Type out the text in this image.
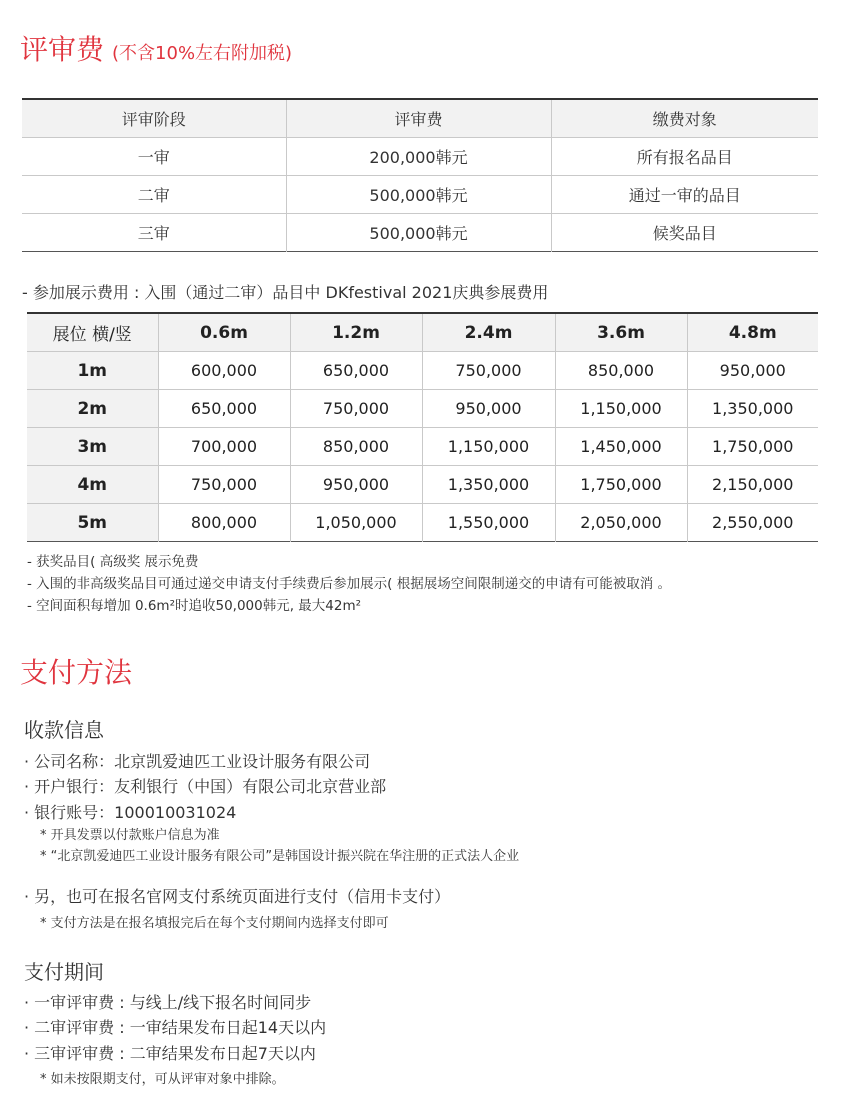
评审费 (不含10%左右附加税)
评审阶段	评审费	缴费对象
一审	200,000韩元	所有报名品目
二审	500,000韩元	通过一审的品目
三审	500,000韩元	候奖品目
- 参加展示费用 : 入围（通过二审）品目中 DKfestival 2021庆典参展费用
展位 横/竖	0.6m	1.2m	2.4m	3.6m	4.8m
1m	600,000	650,000	750,000	850,000	950,000
2m	650,000	750,000	950,000	1,150,000	1,350,000
3m	700,000	850,000	1,150,000	1,450,000	1,750,000
4m	750,000	950,000	1,350,000	1,750,000	2,150,000
5m	800,000	1,050,000	1,550,000	2,050,000	2,550,000
- 获奖品目( 高级奖 展示免费
- 入围的非高级奖品目可通过递交申请支付手续费后参加展示( 根据展场空间限制递交的申请有可能被取消 。
- 空间面积每增加 0.6m²时追收50,000韩元, 最大42m²
支付方法
收款信息
· 公司名称：北京凯爱迪匹工业设计服务有限公司
· 开户银行：友利银行（中国）有限公司北京营业部
· 银行账号：100010031024
* 开具发票以付款账户信息为准
* “北京凯爱迪匹工业设计服务有限公司”是韩国设计振兴院在华注册的正式法人企业
· 另，也可在报名官网支付系统页面进行支付（信用卡支付）
* 支付方法是在报名填报完后在每个支付期间内选择支付即可
支付期间
· 一审评审费 : 与线上/线下报名时间同步
· 二审评审费 : 一审结果发布日起14天以内
· 三审评审费 : 二审结果发布日起7天以内
* 如未按限期支付，可从评审对象中排除。
